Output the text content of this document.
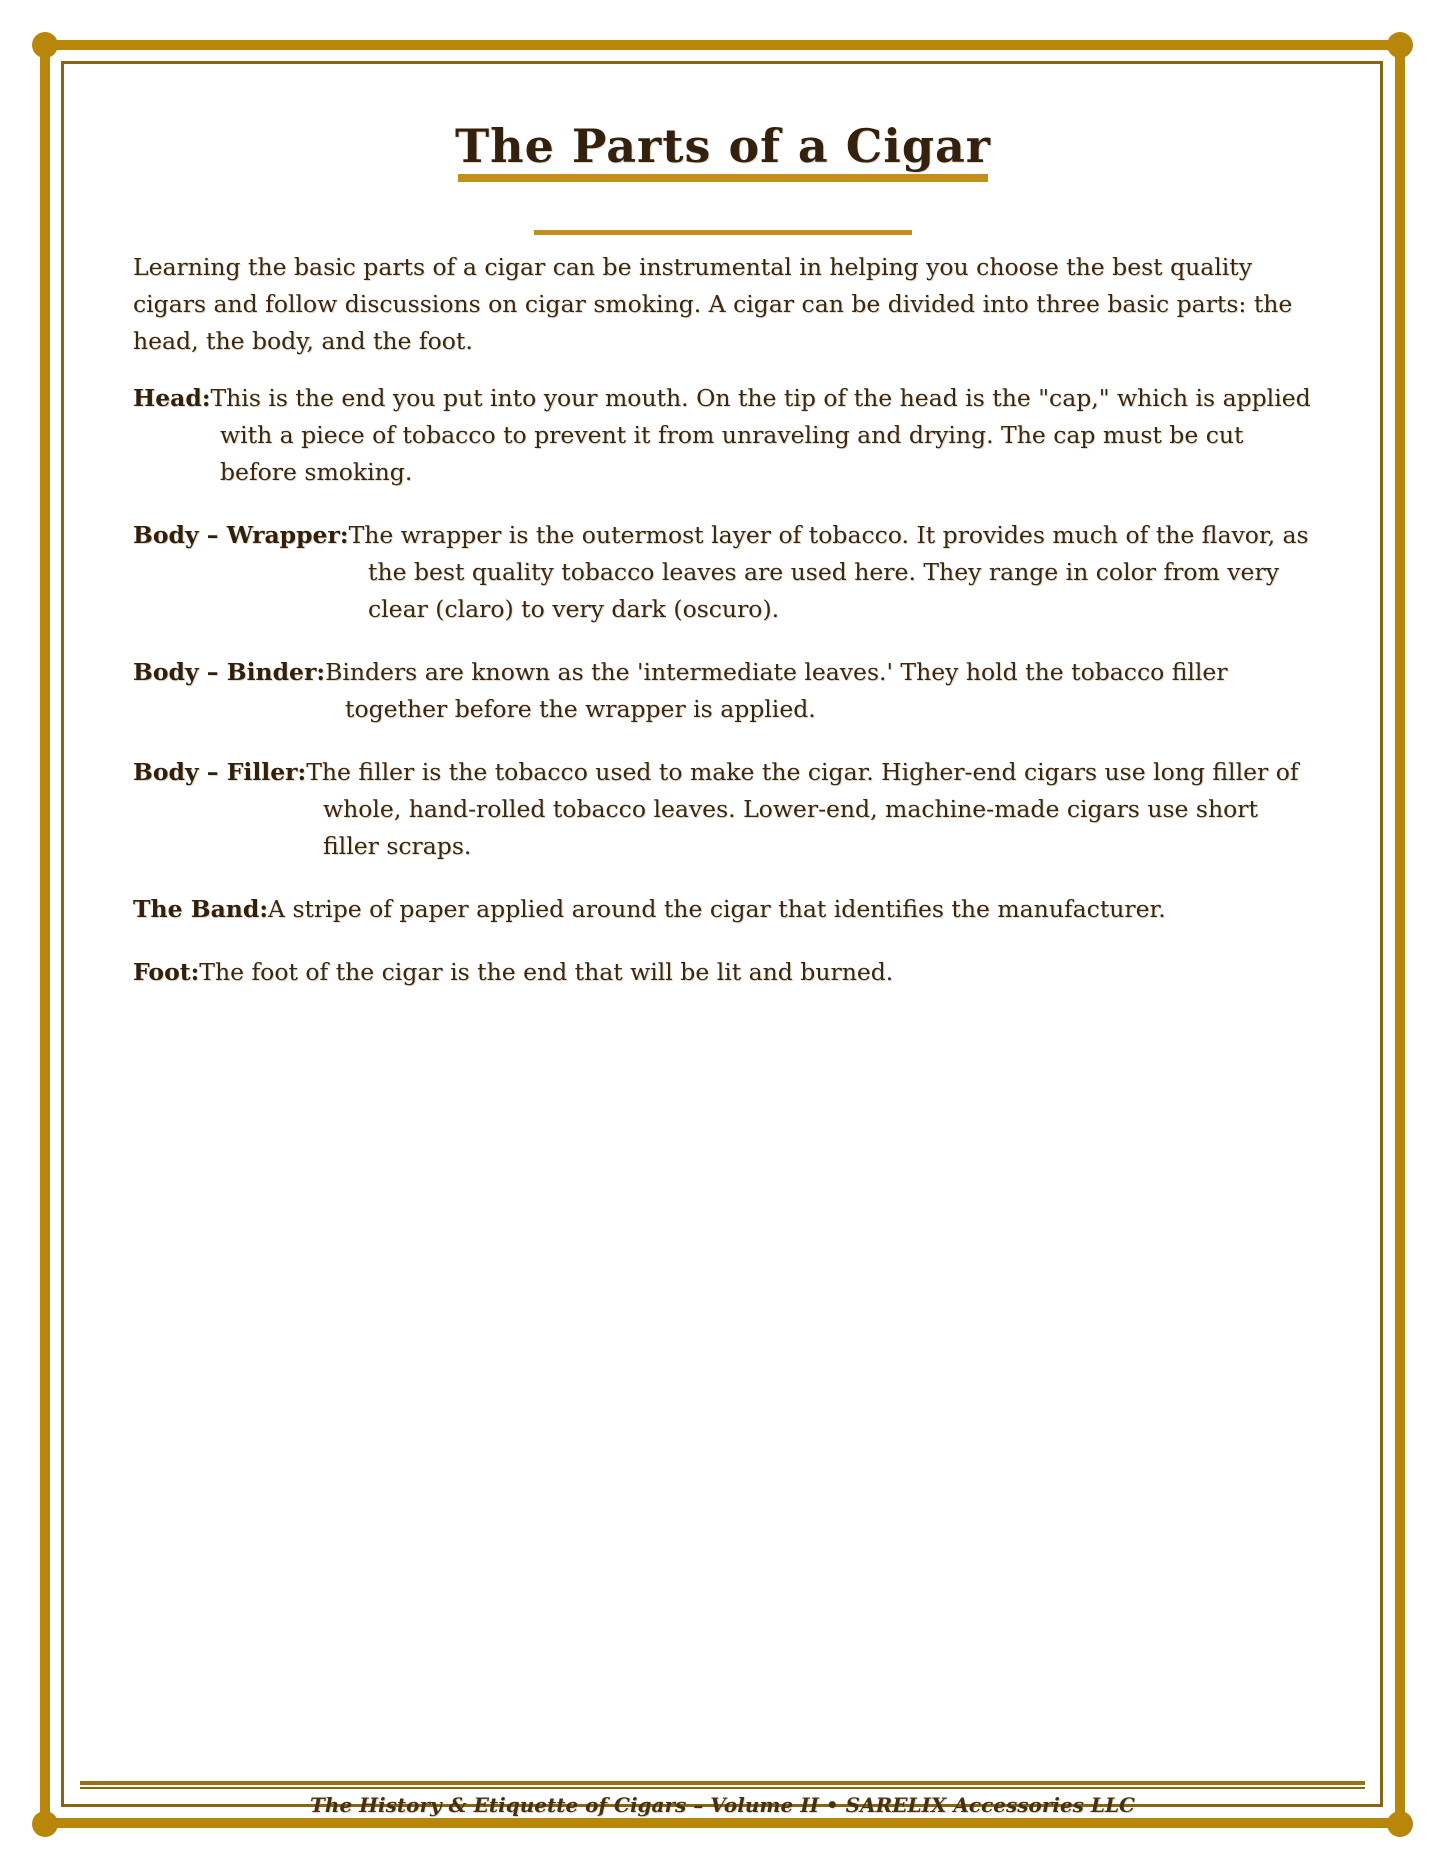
The Parts of a Cigar

Learning the basic parts of a cigar can be instrumental in helping you choose the best quality cigars and follow discussions on cigar smoking. A cigar can be divided into three basic parts: the head, the body, and the foot.

Head:This is the end you put into your mouth. On the tip of the head is the "cap," which is applied with a piece of tobacco to prevent it from unraveling and drying. The cap must be cut before smoking.

Body – Wrapper:The wrapper is the outermost layer of tobacco. It provides much of the flavor, as the best quality tobacco leaves are used here. They range in color from very clear (claro) to very dark (oscuro).

Body – Binder:Binders are known as the 'intermediate leaves.' They hold the tobacco filler together before the wrapper is applied.

Body – Filler:The filler is the tobacco used to make the cigar. Higher-end cigars use long filler of whole, hand-rolled tobacco leaves. Lower-end, machine-made cigars use short filler scraps.

The Band:A stripe of paper applied around the cigar that identifies the manufacturer.

Foot:The foot of the cigar is the end that will be lit and burned.

The History & Etiquette of Cigars – Volume II • SARELIX Accessories LLC
